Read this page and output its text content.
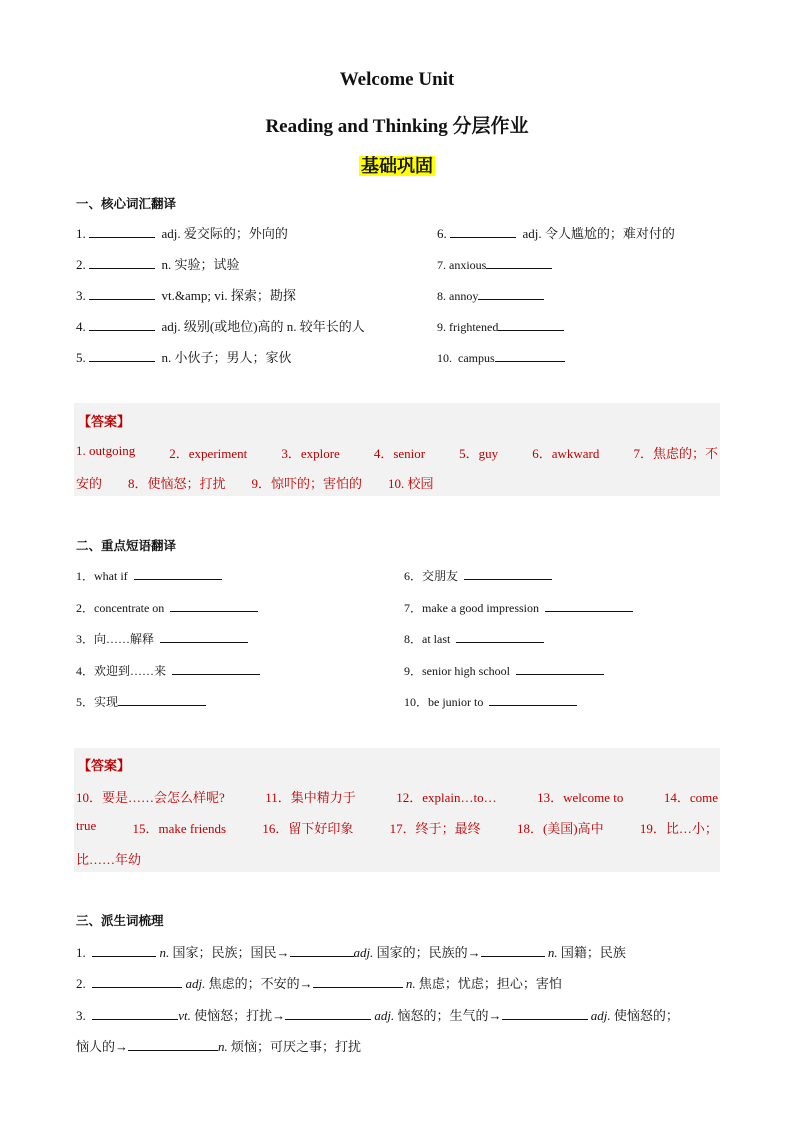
Welcome Unit
Reading and Thinking 分层作业
基础巩固
一、核心词汇翻译
1.	adj. 爱交际的；外向的
2.	n. 实验；试验
3.	vt.&amp; vi. 探索；勘探
4.	adj. 级别(或地位)高的 n. 较年长的人
5.	n. 小伙子；男人；家伙
6.	adj. 令人尴尬的；难对付的
7. anxious
8. annoy
9. frightened
10. campus
【答案】
1. outgoing	2．experiment	3．explore	4．senior	5．guy	6．awkward	7．焦虑的；不
安的 8．使恼怒；打扰 9．惊吓的；害怕的 10. 校园
二、重点短语翻译
1．what if
2．concentrate on
3．向……解释
4．欢迎到……来
5．实现
6．交朋友
7．make a good impression
8．at last
9．senior high school
10．be junior to
【答案】
10．要是……会怎么样呢?	11．集中精力于	12．explain…to…	13．welcome to	14．come
true	15．make friends	16．留下好印象	17．终于；最终	18．(美国)高中	19．比…小；
比……年幼
三、派生词梳理
1.	n. 国家；民族；国民→	adj. 国家的；民族的→	n. 国籍；民族
2.	adj. 焦虑的；不安的→	n. 焦虑；忧虑；担心；害怕
3.	vt. 使恼怒；打扰→	adj. 恼怒的；生气的→	adj. 使恼怒的；
恼人的→	n. 烦恼；可厌之事；打扰
